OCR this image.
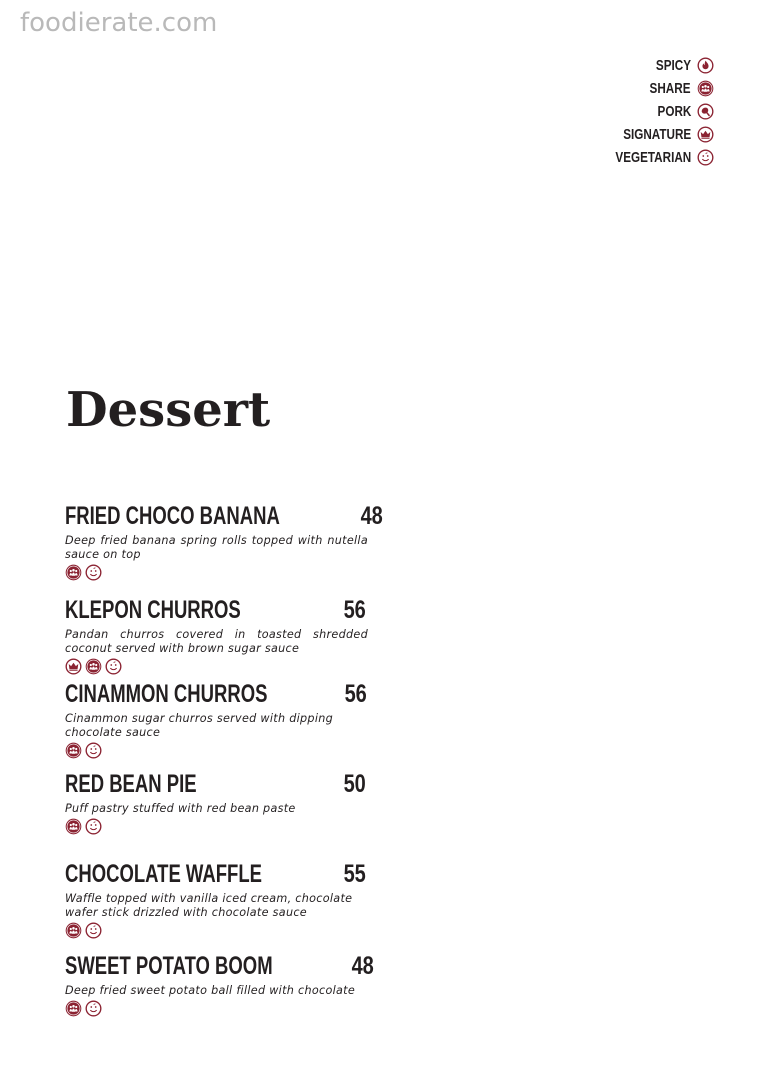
foodierate.com
SPICY
SHARE
PORK
SIGNATURE
VEGETARIAN
Dessert
FRIED CHOCO BANANA	48
Deep fried banana spring rolls topped with nutella sauce on top
KLEPON CHURROS	56
Pandan churros covered in toasted shredded coconut served with brown sugar sauce
CINAMMON CHURROS	56
Cinammon sugar churros served with dipping chocolate sauce
RED BEAN PIE	50
Puff pastry stuffed with red bean paste
CHOCOLATE WAFFLE	55
Waffle topped with vanilla iced cream, chocolate wafer stick drizzled with chocolate sauce
SWEET POTATO BOOM	48
Deep fried sweet potato ball filled with chocolate
